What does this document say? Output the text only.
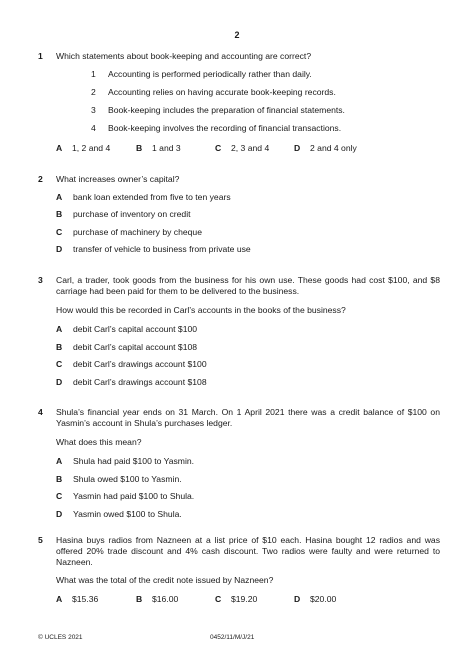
2
1 Which statements about book-keeping and accounting are correct?
1 Accounting is performed periodically rather than daily.
2 Accounting relies on having accurate book-keeping records.
3 Book-keeping includes the preparation of financial statements.
4 Book-keeping involves the recording of financial transactions.
A 1, 2 and 4	B 1 and 3	C 2, 3 and 4	D 2 and 4 only
2 What increases owner’s capital?
A bank loan extended from five to ten years
B purchase of inventory on credit
C purchase of machinery by cheque
D transfer of vehicle to business from private use
3 Carl, a trader, took goods from the business for his own use. These goods had cost $100, and $8 carriage had been paid for them to be delivered to the business.
How would this be recorded in Carl’s accounts in the books of the business?
A debit Carl’s capital account $100
B debit Carl’s capital account $108
C debit Carl’s drawings account $100
D debit Carl’s drawings account $108
4 Shula’s financial year ends on 31 March. On 1 April 2021 there was a credit balance of $100 on Yasmin’s account in Shula’s purchases ledger.
What does this mean?
A Shula had paid $100 to Yasmin.
B Shula owed $100 to Yasmin.
C Yasmin had paid $100 to Shula.
D Yasmin owed $100 to Shula.
5 Hasina buys radios from Nazneen at a list price of $10 each. Hasina bought 12 radios and was offered 20% trade discount and 4% cash discount. Two radios were faulty and were returned to Nazneen.
What was the total of the credit note issued by Nazneen?
A $15.36	B $16.00	C $19.20	D $20.00
© UCLES 2021	0452/11/M/J/21
